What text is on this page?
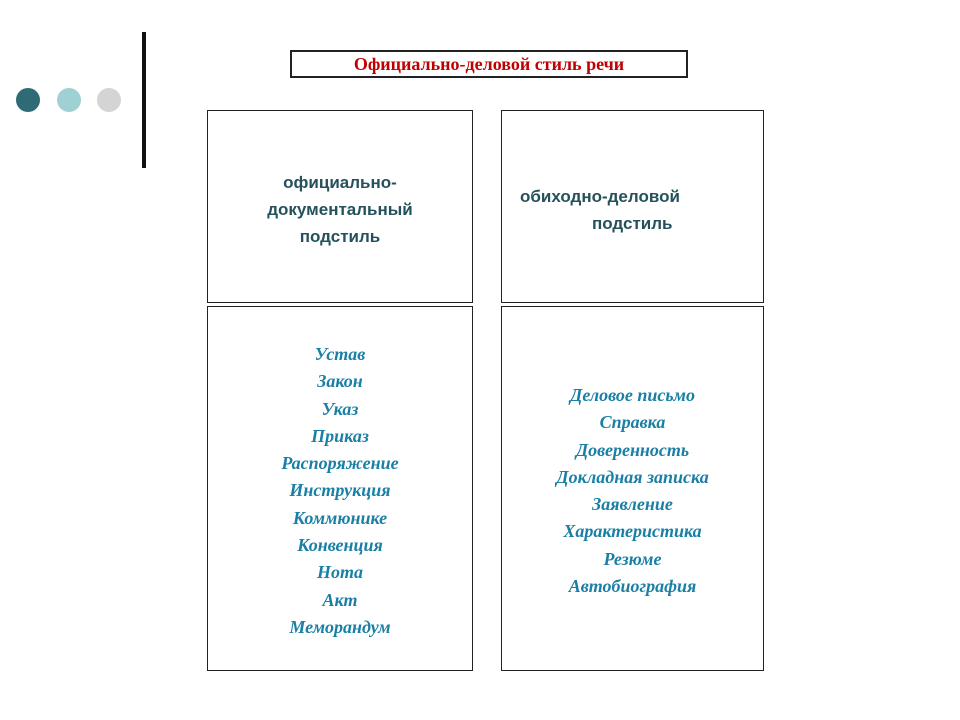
Официально-деловой стиль речи
официально-
документальный
подстиль
обиходно-деловой
подстиль
Устав
Закон
Указ
Приказ
Распоряжение
Инструкция
Коммюнике
Конвенция
Нота
Акт
Меморандум
Деловое письмо
Справка
Доверенность
Докладная записка
Заявление
Характеристика
Резюме
Автобиография
